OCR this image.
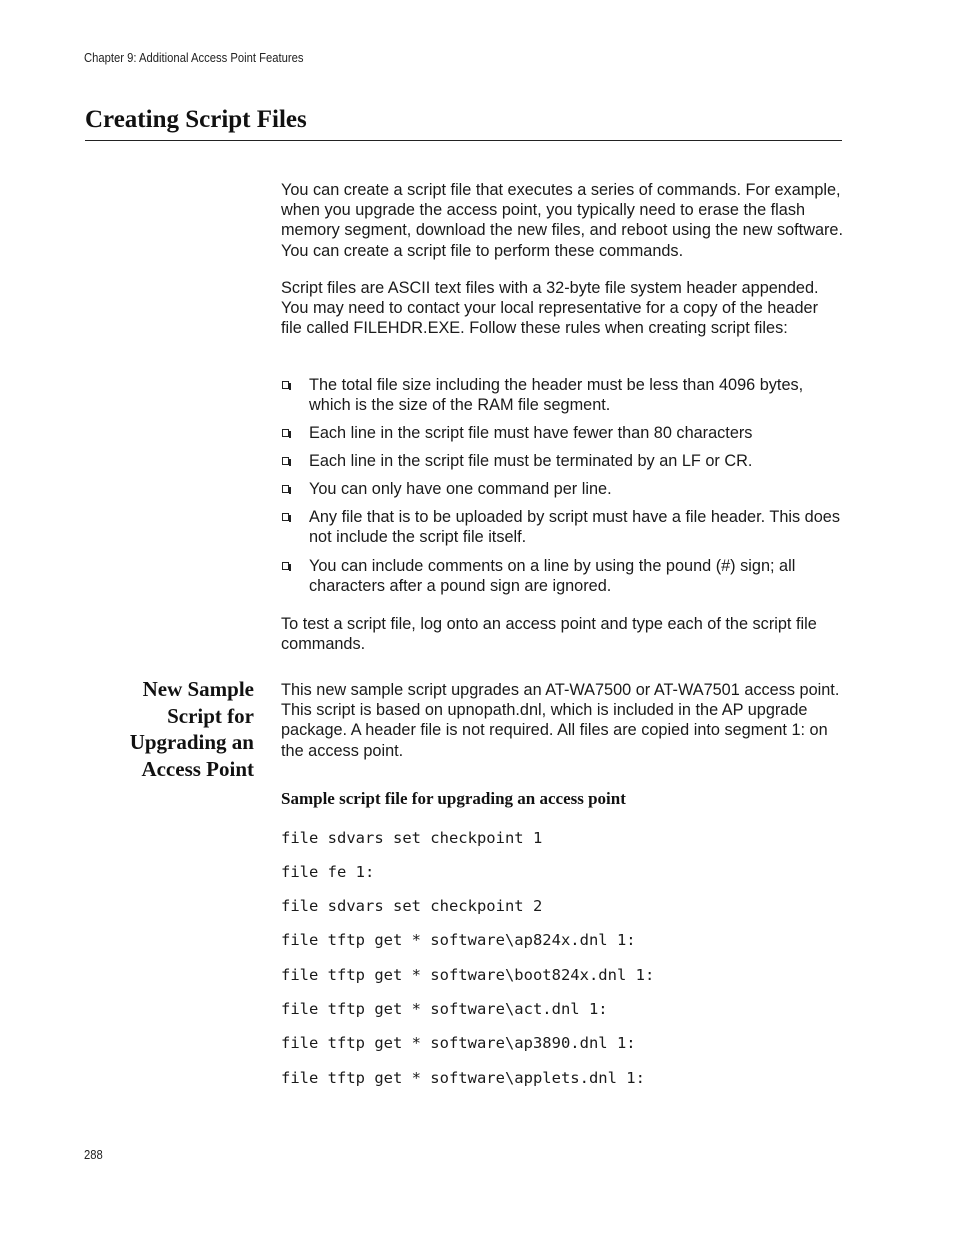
Chapter 9: Additional Access Point Features
Creating Script Files

You can create a script file that executes a series of commands. For example, when you upgrade the access point, you typically need to erase the flash memory segment, download the new files, and reboot using the new software. You can create a script file to perform these commands.

Script files are ASCII text files with a 32-byte file system header appended. You may need to contact your local representative for a copy of the header file called FILEHDR.EXE. Follow these rules when creating script files:

The total file size including the header must be less than 4096 bytes, which is the size of the RAM file segment.
Each line in the script file must have fewer than 80 characters
Each line in the script file must be terminated by an LF or CR.
You can only have one command per line.
Any file that is to be uploaded by script must have a file header. This does not include the script file itself.
You can include comments on a line by using the pound (#) sign; all characters after a pound sign are ignored.

To test a script file, log onto an access point and type each of the script file commands.

New Sample Script for Upgrading an Access Point

This new sample script upgrades an AT-WA7500 or AT-WA7501 access point. This script is based on upnopath.dnl, which is included in the AP upgrade package. A header file is not required. All files are copied into segment 1: on the access point.

Sample script file for upgrading an access point
file sdvars set checkpoint 1
file fe 1:
file sdvars set checkpoint 2
file tftp get * software\ap824x.dnl 1:
file tftp get * software\boot824x.dnl 1:
file tftp get * software\act.dnl 1:
file tftp get * software\ap3890.dnl 1:
file tftp get * software\applets.dnl 1:
288
